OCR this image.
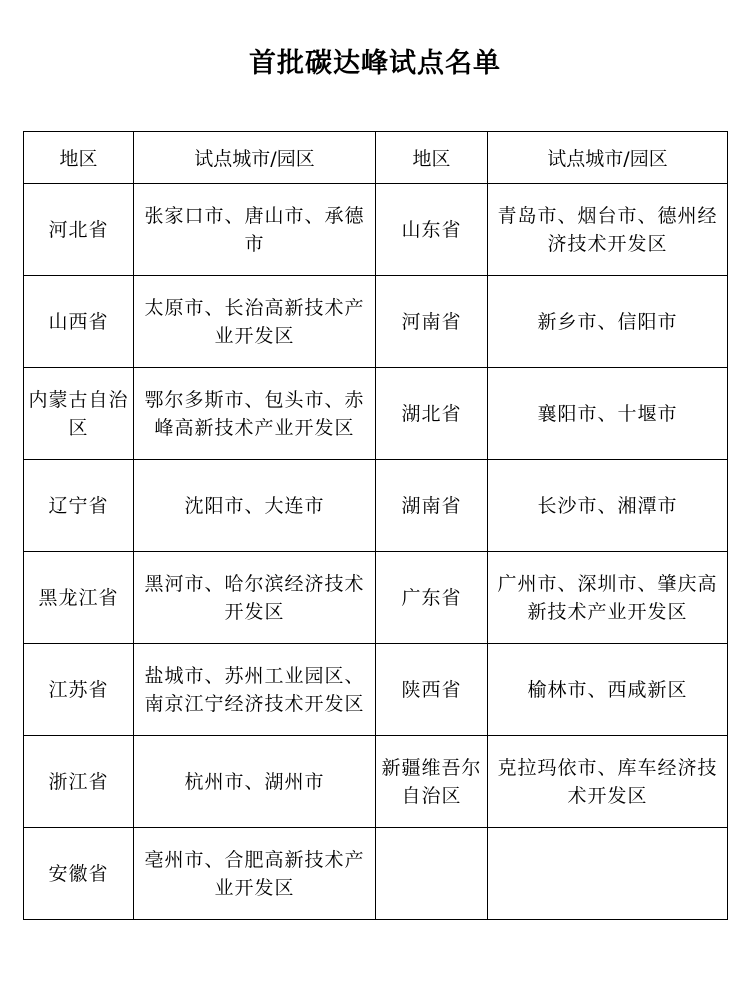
首批碳达峰试点名单
地区	试点城市/园区	地区	试点城市/园区
河北省	张家口市、唐山市、承德市	山东省	青岛市、烟台市、德州经济技术开发区
山西省	太原市、长治高新技术产业开发区	河南省	新乡市、信阳市
内蒙古自治区	鄂尔多斯市、包头市、赤峰高新技术产业开发区	湖北省	襄阳市、十堰市
辽宁省	沈阳市、大连市	湖南省	长沙市、湘潭市
黑龙江省	黑河市、哈尔滨经济技术开发区	广东省	广州市、深圳市、肇庆高新技术产业开发区
江苏省	盐城市、苏州工业园区、南京江宁经济技术开发区	陕西省	榆林市、西咸新区
浙江省	杭州市、湖州市	新疆维吾尔自治区	克拉玛依市、库车经济技术开发区
安徽省	亳州市、合肥高新技术产业开发区		
